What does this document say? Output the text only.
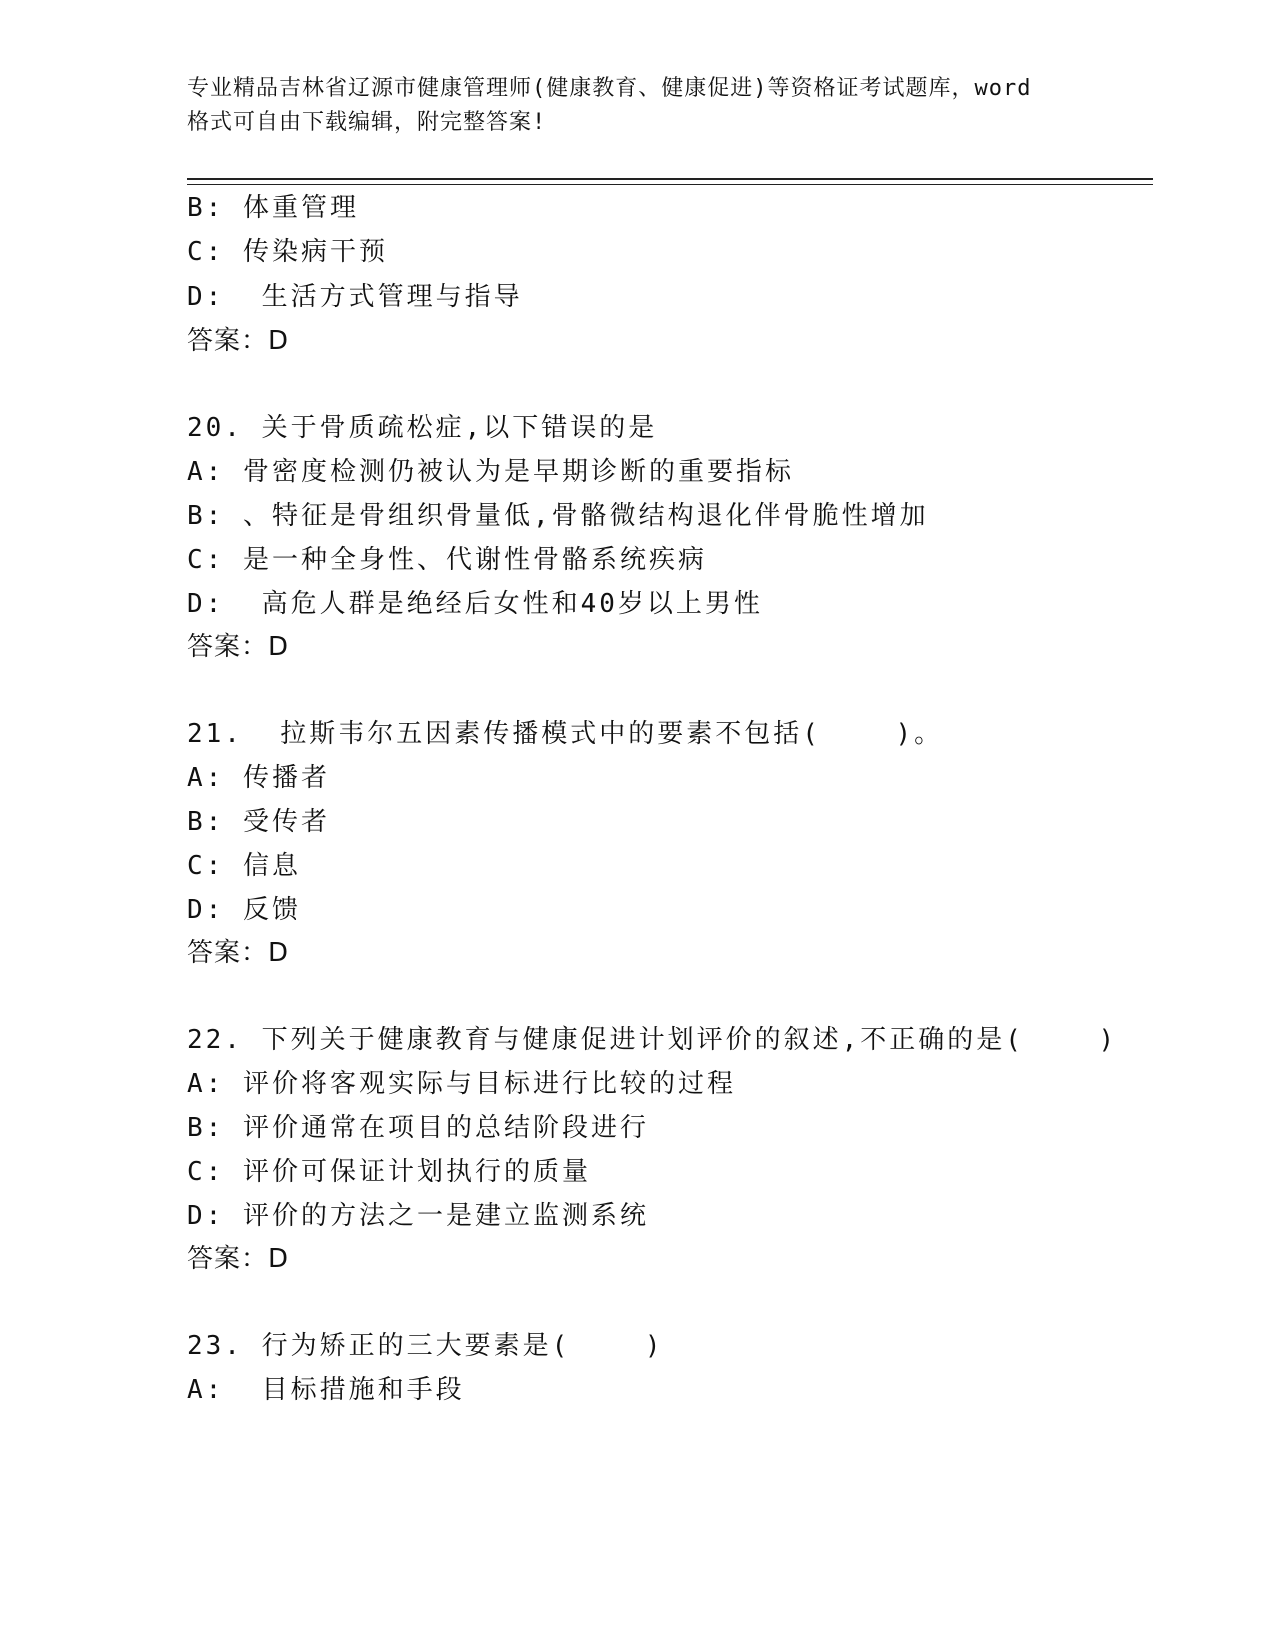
专业精品吉林省辽源市健康管理师(健康教育、健康促进)等资格证考试题库，word
格式可自由下载编辑，附完整答案!
B: 体重管理
C: 传染病干预
D:  生活方式管理与指导
答案：D
20. 关于骨质疏松症,以下错误的是
A: 骨密度检测仍被认为是早期诊断的重要指标
B: 、特征是骨组织骨量低,骨骼微结构退化伴骨脆性增加
C: 是一种全身性、代谢性骨骼系统疾病
D:  高危人群是绝经后女性和40岁以上男性
答案：D
21.  拉斯韦尔五因素传播模式中的要素不包括(    )。
A: 传播者
B: 受传者
C: 信息
D: 反馈
答案：D
22. 下列关于健康教育与健康促进计划评价的叙述,不正确的是(    )
A: 评价将客观实际与目标进行比较的过程
B: 评价通常在项目的总结阶段进行
C: 评价可保证计划执行的质量
D: 评价的方法之一是建立监测系统
答案：D
23. 行为矫正的三大要素是(    )
A:  目标措施和手段
